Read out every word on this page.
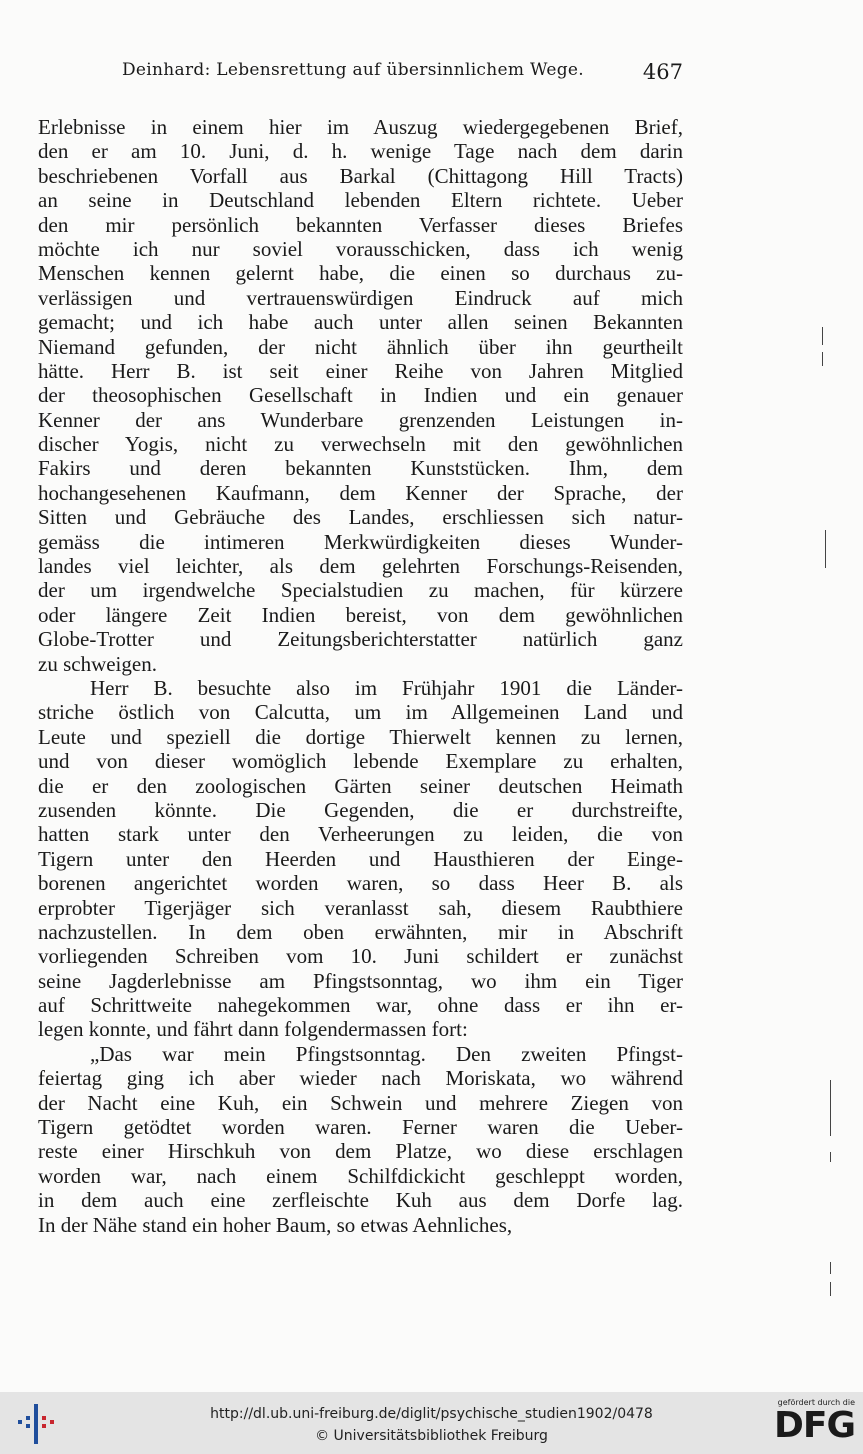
Deinhard: Lebensrettung auf übersinnlichem Wege.	467
Erlebnisse in einem hier im Auszug wiedergegebenen Brief,
den er am 10. Juni, d. h. wenige Tage nach dem darin
beschriebenen Vorfall aus Barkal (Chittagong Hill Tracts)
an seine in Deutschland lebenden Eltern richtete. Ueber
den mir persönlich bekannten Verfasser dieses Briefes
möchte ich nur soviel vorausschicken, dass ich wenig
Menschen kennen gelernt habe, die einen so durchaus zu-
verlässigen und vertrauenswürdigen Eindruck auf mich
gemacht; und ich habe auch unter allen seinen Bekannten
Niemand gefunden, der nicht ähnlich über ihn geurtheilt
hätte. Herr B. ist seit einer Reihe von Jahren Mitglied
der theosophischen Gesellschaft in Indien und ein genauer
Kenner der ans Wunderbare grenzenden Leistungen in-
discher Yogis, nicht zu verwechseln mit den gewöhnlichen
Fakirs und deren bekannten Kunststücken. Ihm, dem
hochangesehenen Kaufmann, dem Kenner der Sprache, der
Sitten und Gebräuche des Landes, erschliessen sich natur-
gemäss die intimeren Merkwürdigkeiten dieses Wunder-
landes viel leichter, als dem gelehrten Forschungs-Reisenden,
der um irgendwelche Specialstudien zu machen, für kürzere
oder längere Zeit Indien bereist, von dem gewöhnlichen
Globe-Trotter und Zeitungsberichterstatter natürlich ganz
zu schweigen.
Herr B. besuchte also im Frühjahr 1901 die Länder-
striche östlich von Calcutta, um im Allgemeinen Land und
Leute und speziell die dortige Thierwelt kennen zu lernen,
und von dieser womöglich lebende Exemplare zu erhalten,
die er den zoologischen Gärten seiner deutschen Heimath
zusenden könnte. Die Gegenden, die er durchstreifte,
hatten stark unter den Verheerungen zu leiden, die von
Tigern unter den Heerden und Hausthieren der Einge-
borenen angerichtet worden waren, so dass Heer B. als
erprobter Tigerjäger sich veranlasst sah, diesem Raubthiere
nachzustellen. In dem oben erwähnten, mir in Abschrift
vorliegenden Schreiben vom 10. Juni schildert er zunächst
seine Jagderlebnisse am Pfingstsonntag, wo ihm ein Tiger
auf Schrittweite nahegekommen war, ohne dass er ihn er-
legen konnte, und fährt dann folgendermassen fort:
„Das war mein Pfingstsonntag. Den zweiten Pfingst-
feiertag ging ich aber wieder nach Moriskata, wo während
der Nacht eine Kuh, ein Schwein und mehrere Ziegen von
Tigern getödtet worden waren. Ferner waren die Ueber-
reste einer Hirschkuh von dem Platze, wo diese erschlagen
worden war, nach einem Schilfdickicht geschleppt worden,
in dem auch eine zerfleischte Kuh aus dem Dorfe lag.
In der Nähe stand ein hoher Baum, so etwas Aehnliches,
http://dl.ub.uni-freiburg.de/diglit/psychische_studien1902/0478
© Universitätsbibliothek Freiburg
gefördert durch die
DFG
